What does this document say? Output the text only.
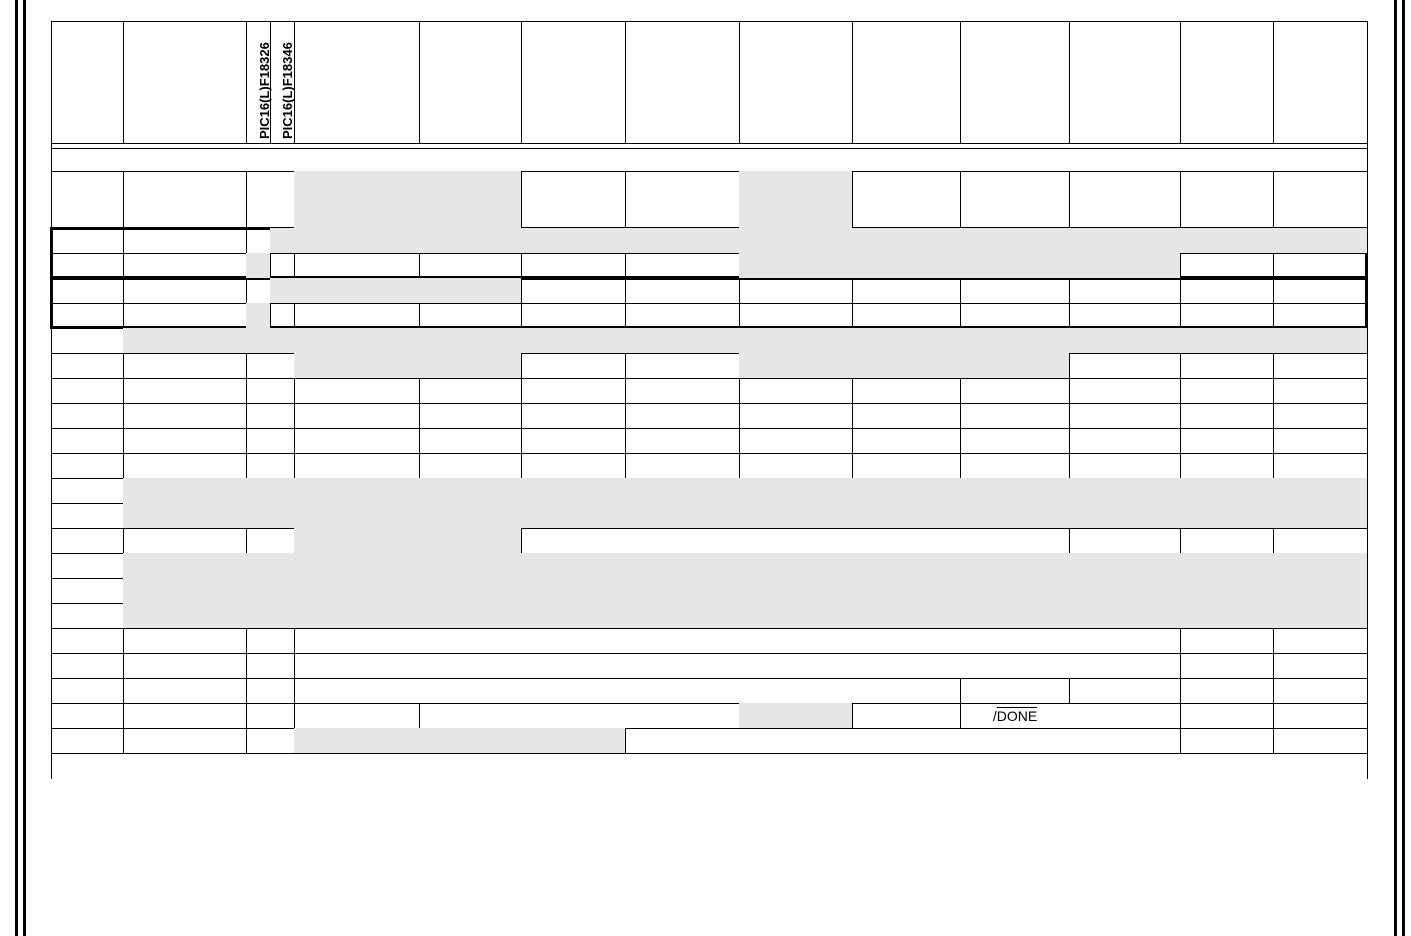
PIC16(L)F18326 PIC16(L)F18346
/DONE
